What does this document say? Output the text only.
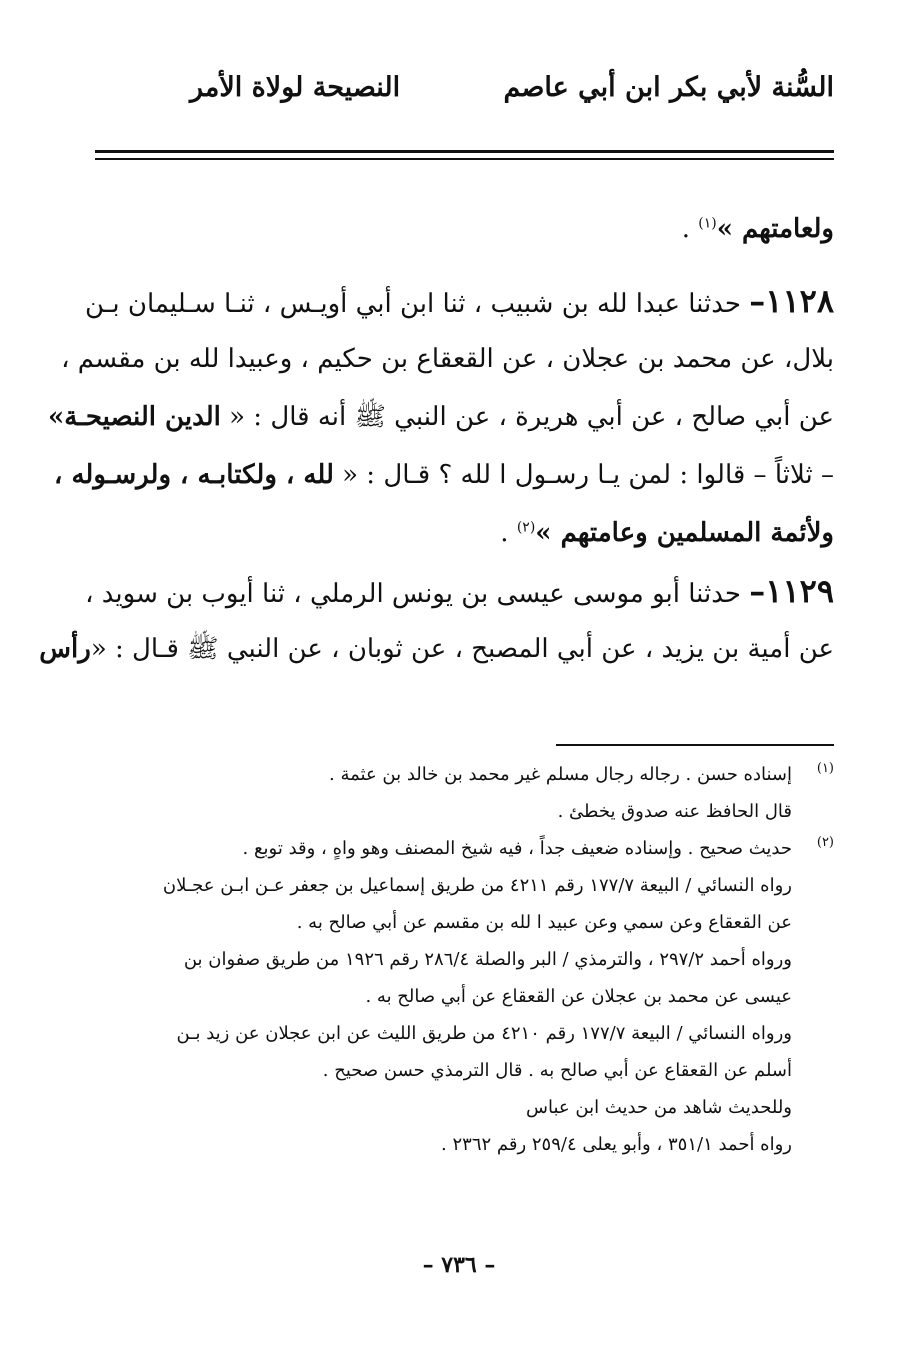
السُّنة لأبي بكر ابن أبي عاصم
النصيحة لولاة الأمر
ولعامتهم »$^{(١)}$ .
١١٢٨– حدثنا عبدا لله بن شبيب ، ثنا ابن أبي أويـس ، ثنـا سـليمان بـن
بلال، عن محمد بن عجلان ، عن القعقاع بن حكيم ، وعبيدا لله بن مقسم ،
عن أبي صالح ، عن أبي هريرة ، عن النبي ﷺ أنه قال : « الدين النصيحـة»
– ثلاثاً – قالوا : لمن يـا رسـول ا لله ؟ قـال : « لله ، ولكتابـه ، ولرسـوله ،
ولأئمة المسلمين وعامتهم »$^{(٢)}$ .
١١٢٩– حدثنا أبو موسى عيسى بن يونس الرملي ، ثنا أيوب بن سويد ،
عن أمية بن يزيد ، عن أبي المصبح ، عن ثوبان ، عن النبي ﷺ قـال : «رأس
(١)
إسناده حسن . رجاله رجال مسلم غير محمد بن خالد بن عثمة .
قال الحافظ عنه صدوق يخطئ .
(٢)
حديث صحيح . وإسناده ضعيف جداً ، فيه شيخ المصنف وهو واهٍ ، وقد توبع .
رواه النسائي / البيعة ١٧٧/٧ رقم ٤٢١١ من طريق إسماعيل بن جعفر عـن ابـن عجـلان
عن القعقاع وعن سمي وعن عبيد ا لله بن مقسم عن أبي صالح به .
ورواه أحمد ٢٩٧/٢ ، والترمذي / البر والصلة ٢٨٦/٤ رقم ١٩٢٦ من طريق صفوان بن
عيسى عن محمد بن عجلان عن القعقاع عن أبي صالح به .
ورواه النسائي / البيعة ١٧٧/٧ رقم ٤٢١٠ من طريق الليث عن ابن عجلان عن زيد بـن
أسلم عن القعقاع عن أبي صالح به . قال الترمذي حسن صحيح .
وللحديث شاهد من حديث ابن عباس
رواه أحمد ٣٥١/١ ، وأبو يعلى ٢٥٩/٤ رقم ٢٣٦٢ .
– ٧٣٦ –
